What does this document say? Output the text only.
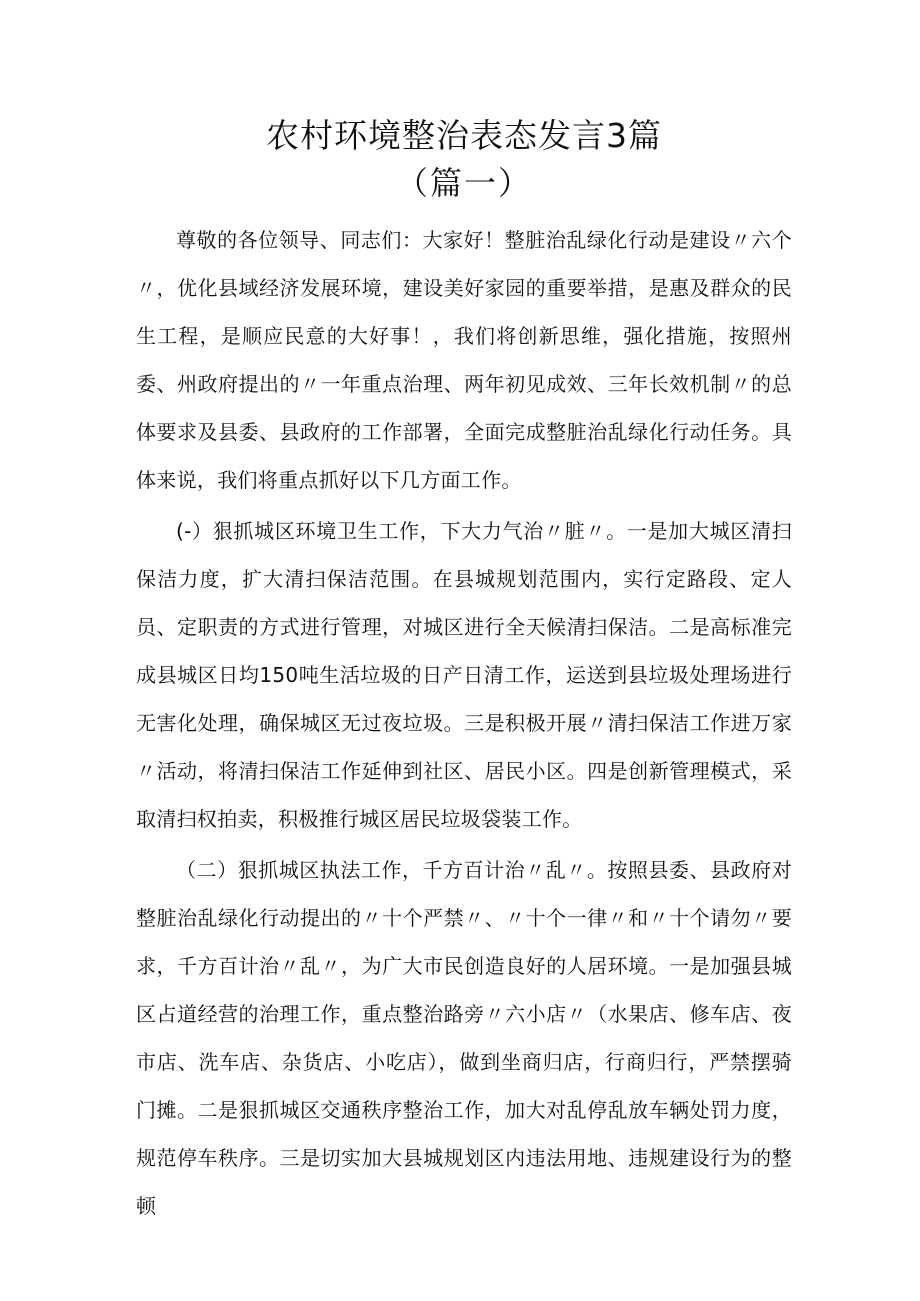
农村环境整治表态发言3篇
（篇一）

尊敬的各位领导、同志们：大家好！整脏治乱绿化行动是建设〃六个〃，优化县域经济发展环境，建设美好家园的重要举措，是惠及群众的民生工程，是顺应民意的大好事！，我们将创新思维，强化措施，按照州委、州政府提出的〃一年重点治理、两年初见成效、三年长效机制〃的总体要求及县委、县政府的工作部署，全面完成整脏治乱绿化行动任务。具体来说，我们将重点抓好以下几方面工作。

(-）狠抓城区环境卫生工作，下大力气治〃脏〃。一是加大城区清扫保洁力度，扩大清扫保洁范围。在县城规划范围内，实行定路段、定人员、定职责的方式进行管理，对城区进行全天候清扫保洁。二是高标准完成县城区日均150吨生活垃圾的日产日清工作，运送到县垃圾处理场进行无害化处理，确保城区无过夜垃圾。三是积极开展〃清扫保洁工作进万家〃活动，将清扫保洁工作延伸到社区、居民小区。四是创新管理模式，采取清扫权拍卖，积极推行城区居民垃圾袋装工作。

（二）狠抓城区执法工作，千方百计治〃乱〃。按照县委、县政府对整脏治乱绿化行动提出的〃十个严禁〃、〃十个一律〃和〃十个请勿〃要求，千方百计治〃乱〃，为广大市民创造良好的人居环境。一是加强县城区占道经营的治理工作，重点整治路旁〃六小店〃（水果店、修车店、夜市店、洗车店、杂货店、小吃店），做到坐商归店，行商归行，严禁摆骑门摊。二是狠抓城区交通秩序整治工作，加大对乱停乱放车辆处罚力度，规范停车秩序。三是切实加大县城规划区内违法用地、违规建设行为的整顿
